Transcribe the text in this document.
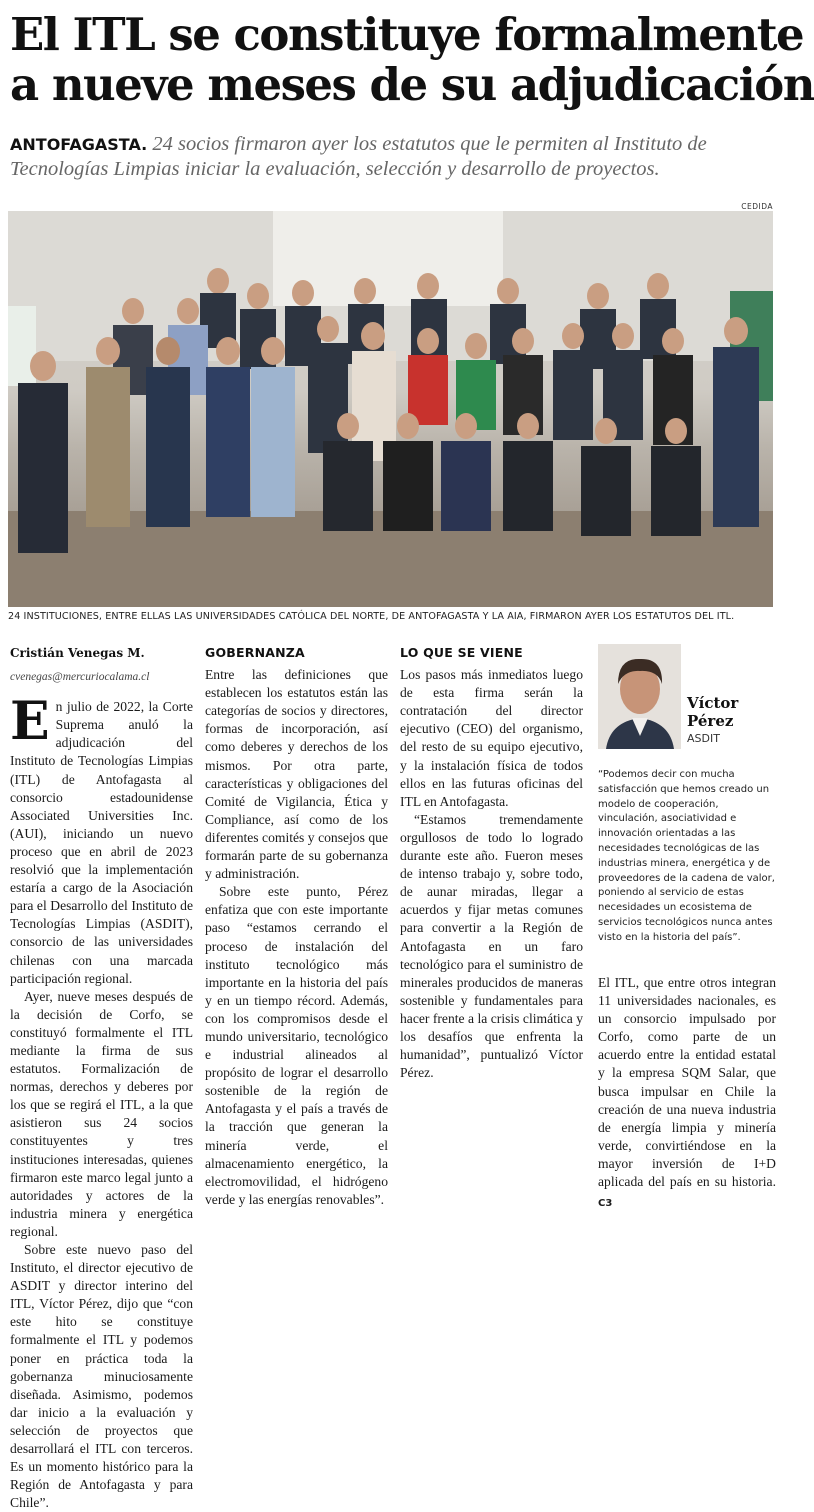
El ITL se constituye formalmente
a nueve meses de su adjudicación
ANTOFAGASTA. 24 socios firmaron ayer los estatutos que le permiten al Instituto de Tecnologías Limpias iniciar la evaluación, selección y desarrollo de proyectos.
CEDIDA
24 INSTITUCIONES, ENTRE ELLAS LAS UNIVERSIDADES CATÓLICA DEL NORTE, DE ANTOFAGASTA Y LA AIA, FIRMARON AYER LOS ESTATUTOS DEL ITL.
Cristián Venegas M.
cvenegas@mercuriocalama.cl

En julio de 2022, la Corte Suprema anuló la adjudicación del Instituto de Tecnologías Limpias (ITL) de Antofagasta al consorcio estadounidense Associated Universities Inc. (AUI), iniciando un nuevo proceso que en abril de 2023 resolvió que la implementación estaría a cargo de la Asociación para el Desarrollo del Instituto de Tecnologías Limpias (ASDIT), consorcio de las universidades chilenas con una marcada participación regional.

Ayer, nueve meses después de la decisión de Corfo, se constituyó formalmente el ITL mediante la firma de sus estatutos. Formalización de normas, derechos y deberes por los que se regirá el ITL, a la que asistieron sus 24 socios constituyentes y tres instituciones interesadas, quienes firmaron este marco legal junto a autoridades y actores de la industria minera y energética regional.

Sobre este nuevo paso del Instituto, el director ejecutivo de ASDIT y director interino del ITL, Víctor Pérez, dijo que “con este hito se constituye formalmente el ITL y podemos poner en práctica toda la gobernanza minuciosamente diseñada. Asimismo, podemos dar inicio a la evaluación y selección de proyectos que desarrollará el ITL con terceros. Es un momento histórico para la Región de Antofagasta y para Chile”.

GOBERNANZA

Entre las definiciones que establecen los estatutos están las categorías de socios y directores, formas de incorporación, así como deberes y derechos de los mismos. Por otra parte, características y obligaciones del Comité de Vigilancia, Ética y Compliance, así como de los diferentes comités y consejos que formarán parte de su gobernanza y administración.

Sobre este punto, Pérez enfatiza que con este importante paso “estamos cerrando el proceso de instalación del instituto tecnológico más importante en la historia del país y en un tiempo récord. Además, con los compromisos desde el mundo universitario, tecnológico e industrial alineados al propósito de lograr el desarrollo sostenible de la región de Antofagasta y el país a través de la tracción que generan la minería verde, el almacenamiento energético, la electromovilidad, el hidrógeno verde y las energías renovables”.

Víctor
Pérez
ASDIT
“Podemos decir con mucha satisfacción que hemos creado un modelo de cooperación, vinculación, asociatividad e innovación orientadas a las necesidades tecnológicas de las industrias minera, energética y de proveedores de la cadena de valor, poniendo al servicio de estas necesidades un ecosistema de servicios tecnológicos nunca antes visto en la historia del país”.
LO QUE SE VIENE

Los pasos más inmediatos luego de esta firma serán la contratación del director ejecutivo (CEO) del organismo, del resto de su equipo ejecutivo, y la instalación física de todos ellos en las futuras oficinas del ITL en Antofagasta.

“Estamos tremendamente orgullosos de todo lo logrado durante este año. Fueron meses de intenso trabajo y, sobre todo, de aunar miradas, llegar a acuerdos y fijar metas comunes para convertir a la Región de Antofagasta en un faro tecnológico para el suministro de minerales producidos de maneras sostenible y fundamentales para hacer frente a la crisis climática y los desafíos que enfrenta la humanidad”, puntualizó Víctor Pérez.

El ITL, que entre otros integran 11 universidades nacionales, es un consorcio impulsado por Corfo, como parte de un acuerdo entre la entidad estatal y la empresa SQM Salar, que busca impulsar en Chile la creación de una nueva industria de energía limpia y minería verde, convirtiéndose en la mayor inversión de I+D aplicada del país en su historia. C3
